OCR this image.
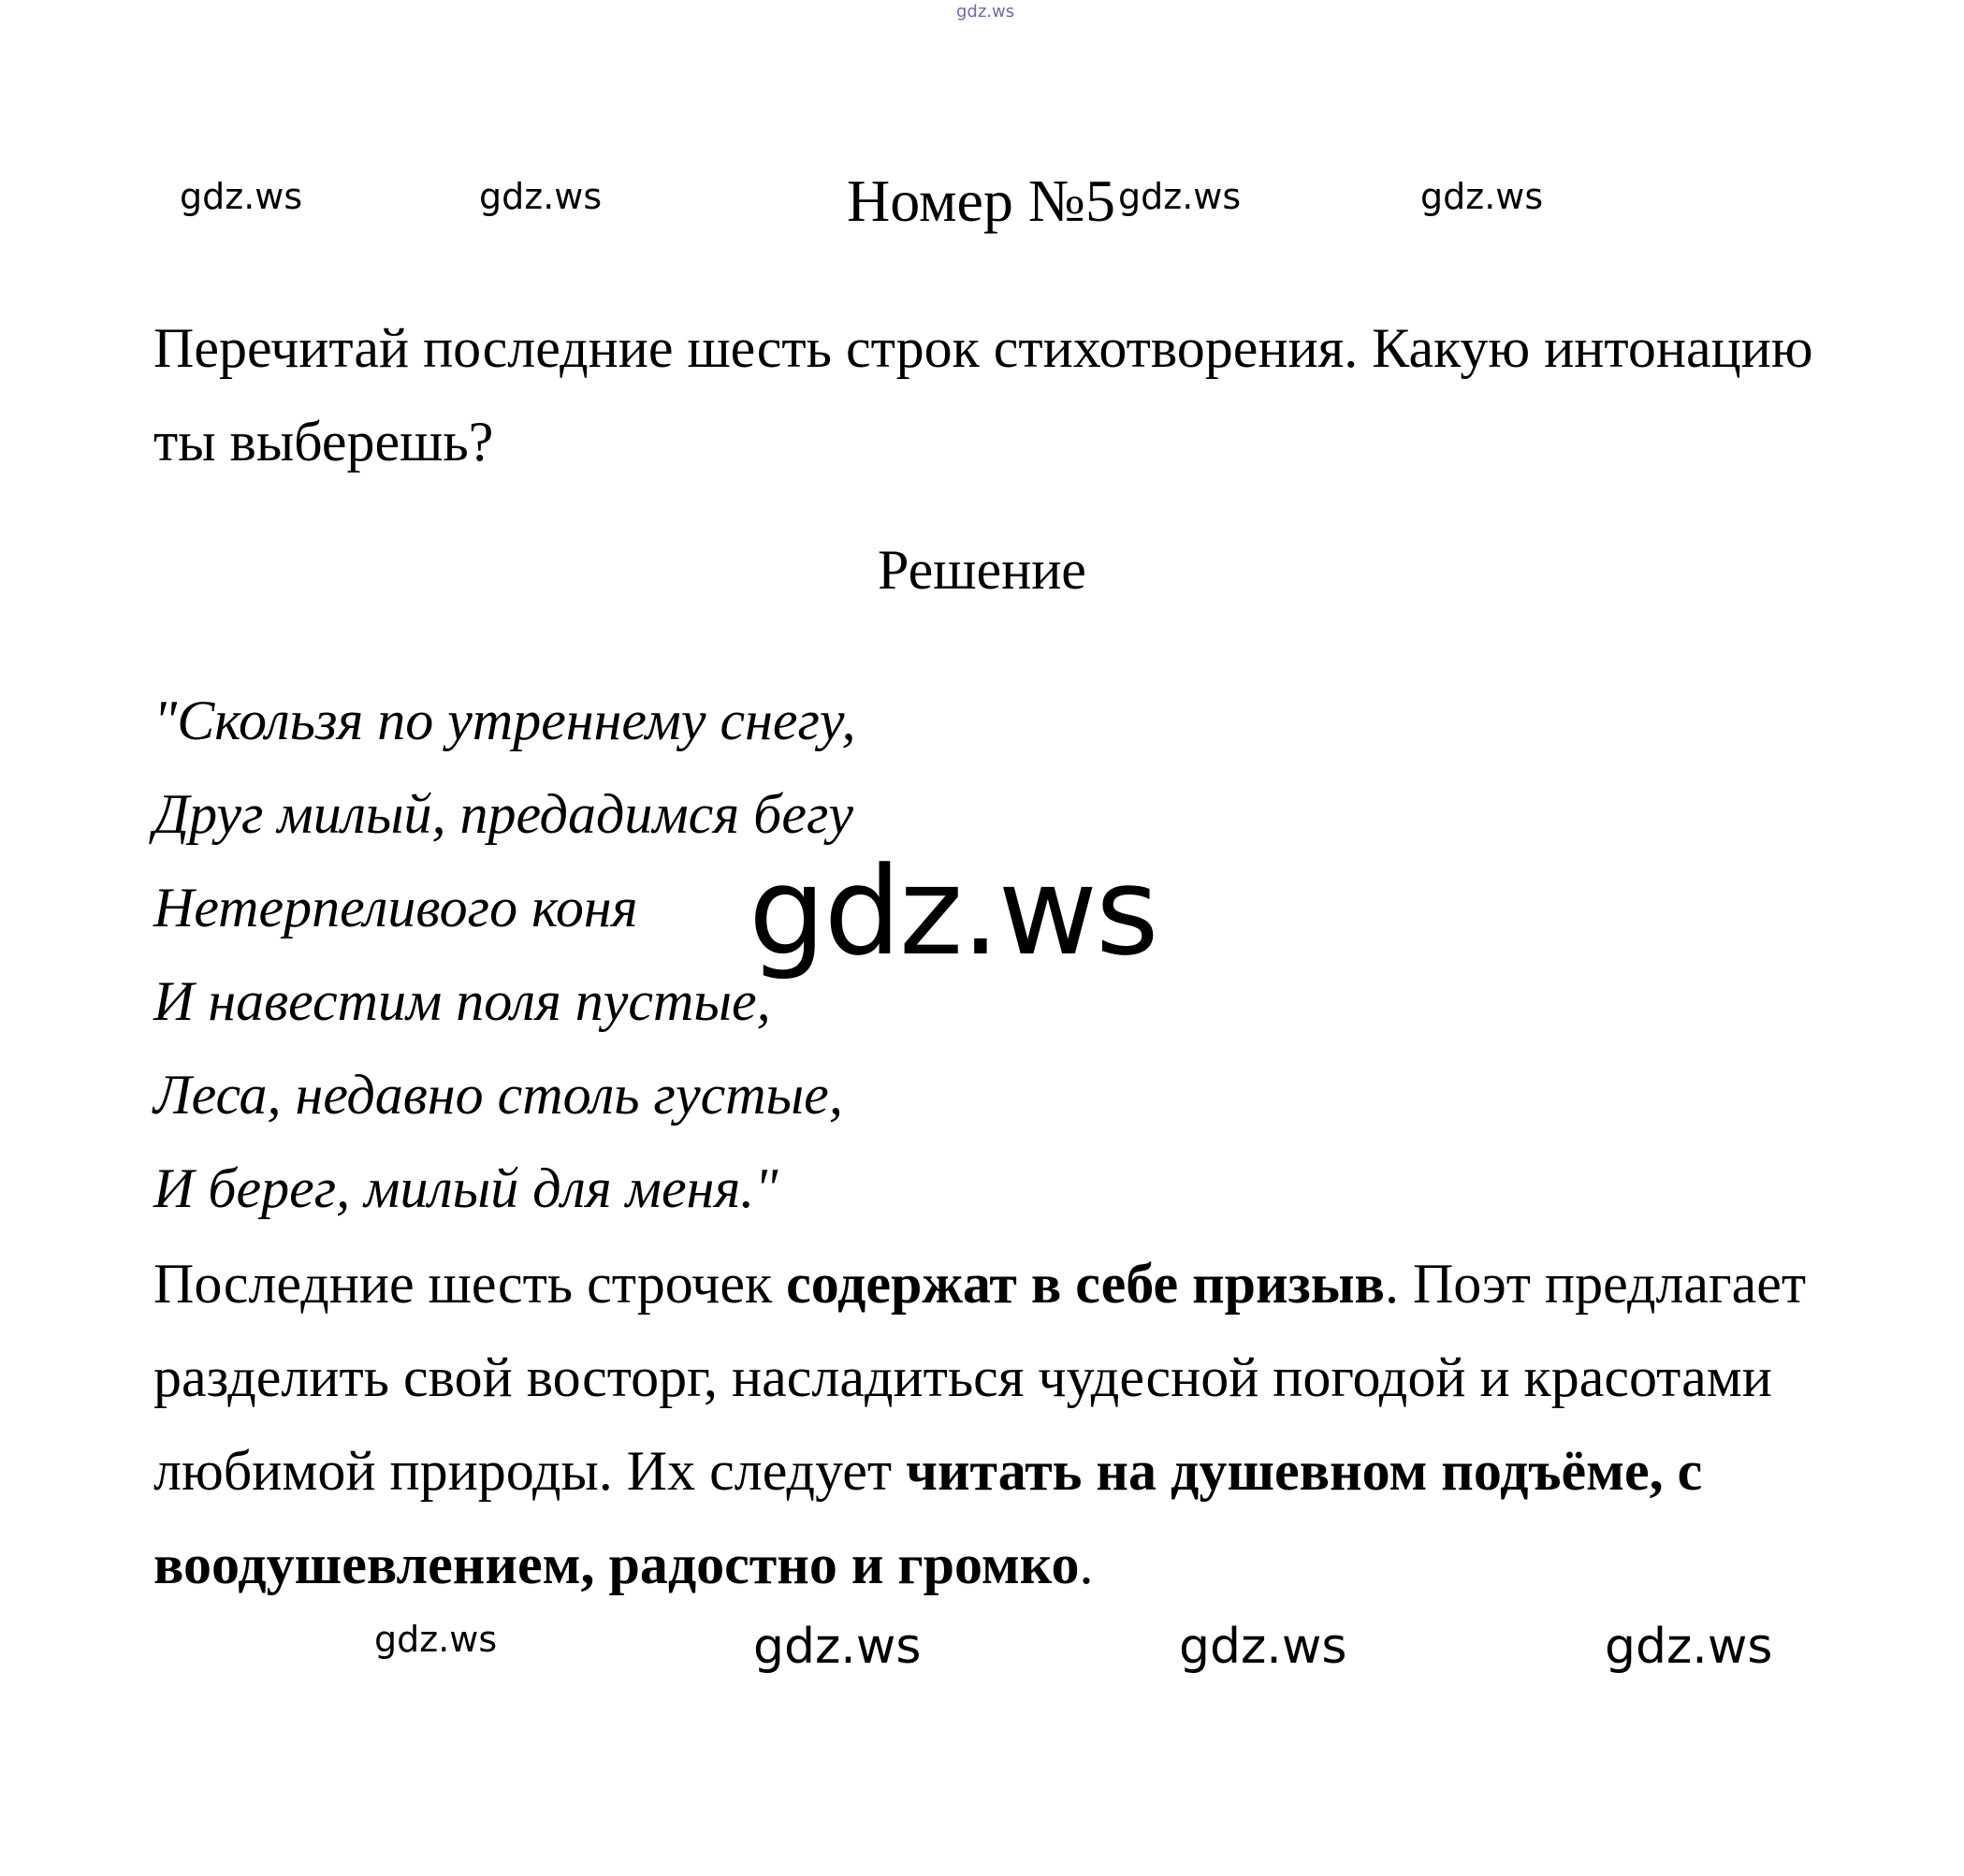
gdz.ws
gdz.ws	gdz.ws	gdz.ws	gdz.ws
Номер №5
Перечитай последние шесть строк стихотворения. Какую интонацию ты выберешь?
Решение
"Скользя по утреннему снегу,
Друг милый, предадимся бегу
Нетерпеливого коня
И навестим поля пустые,
Леса, недавно столь густые,
И берег, милый для меня."
gdz.ws
Последние шесть строчек содержат в себе призыв. Поэт предлагает разделить свой восторг, насладиться чудесной погодой и красотами любимой природы. Их следует читать на душевном подъёме, с воодушевлением, радостно и громко.
gdz.ws	gdz.ws	gdz.ws	gdz.ws
